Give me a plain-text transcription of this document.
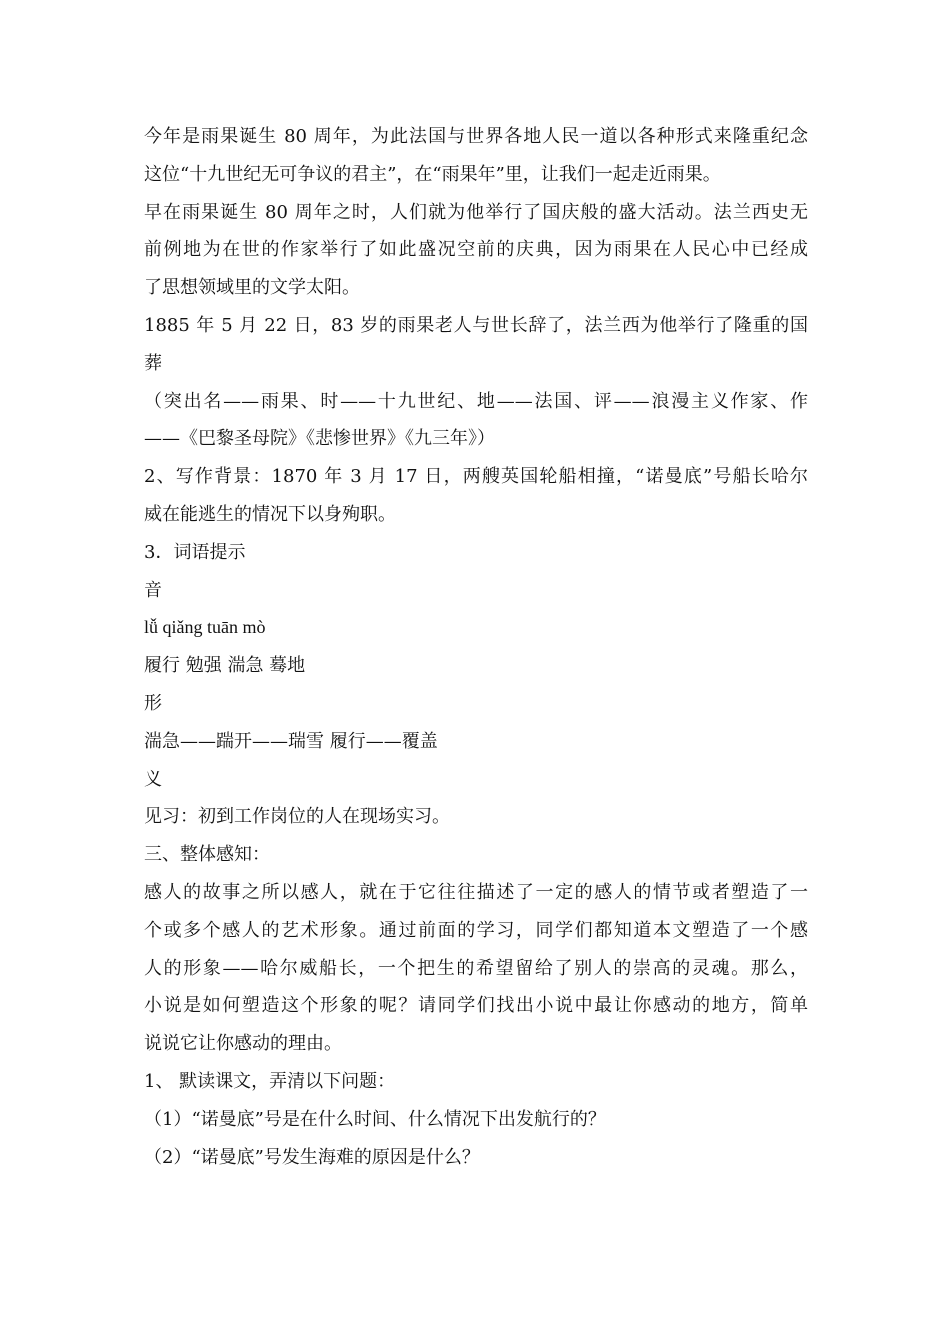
今年是雨果诞生 80 周年，为此法国与世界各地人民一道以各种形式来隆重纪念
这位“十九世纪无可争议的君主”，在“雨果年”里，让我们一起走近雨果。
早在雨果诞生 80 周年之时，人们就为他举行了国庆般的盛大活动。法兰西史无
前例地为在世的作家举行了如此盛况空前的庆典，因为雨果在人民心中已经成
了思想领域里的文学太阳。
1885 年 5 月 22 日，83 岁的雨果老人与世长辞了，法兰西为他举行了隆重的国
葬
（突出名——雨果、时——十九世纪、地——法国、评——浪漫主义作家、作
——《巴黎圣母院》《悲惨世界》《九三年》）
2、写作背景：1870 年 3 月 17 日，两艘英国轮船相撞，“诺曼底”号船长哈尔
威在能逃生的情况下以身殉职。
3．词语提示
音
lǚ qiǎng tuān mò
履行 勉强 湍急 蓦地
形
湍急——踹开——瑞雪 履行——覆盖
义
见习：初到工作岗位的人在现场实习。
三、整体感知：
感人的故事之所以感人，就在于它往往描述了一定的感人的情节或者塑造了一
个或多个感人的艺术形象。通过前面的学习，同学们都知道本文塑造了一个感
人的形象——哈尔威船长，一个把生的希望留给了别人的崇高的灵魂。那么，
小说是如何塑造这个形象的呢？请同学们找出小说中最让你感动的地方，简单
说说它让你感动的理由。
1、 默读课文，弄清以下问题：
（1）“诺曼底”号是在什么时间、什么情况下出发航行的？
（2）“诺曼底”号发生海难的原因是什么？
